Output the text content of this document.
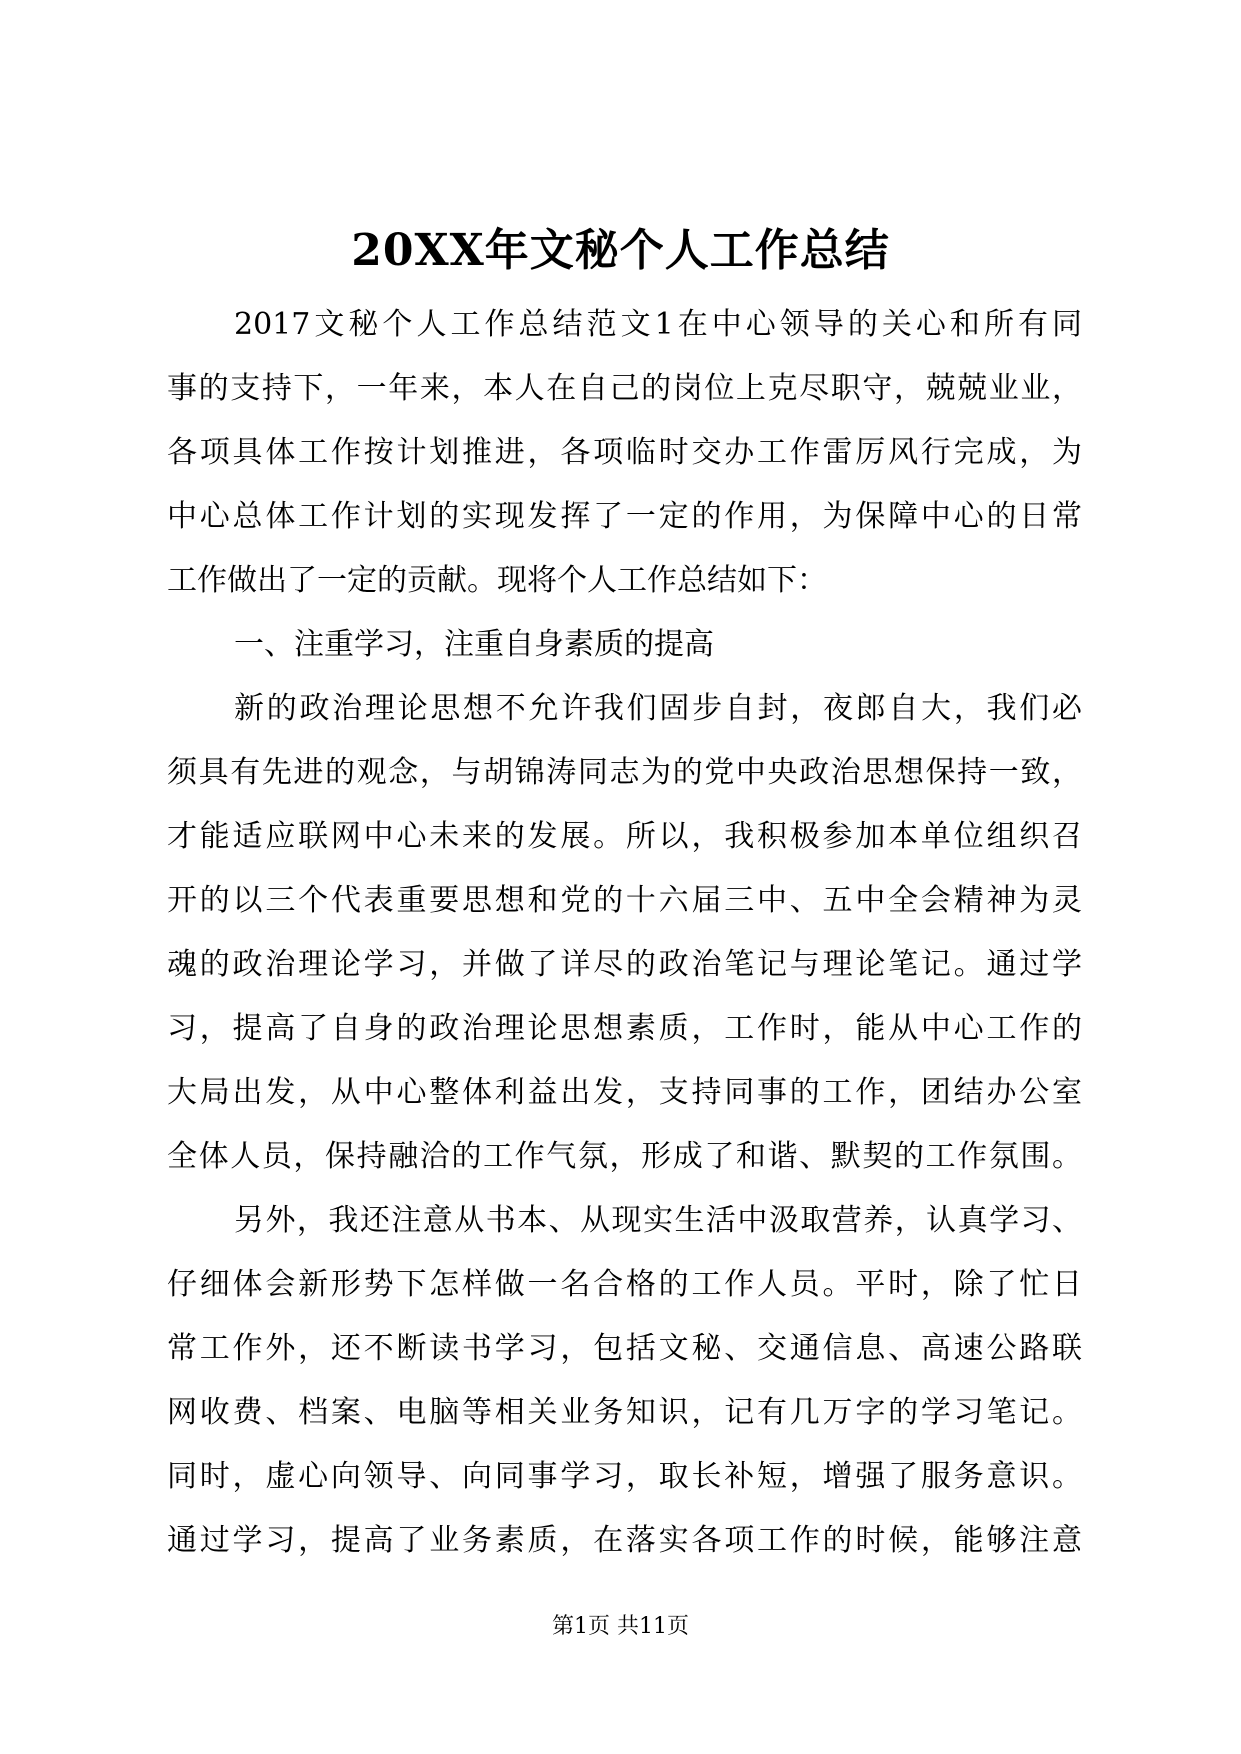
20XX年文秘个人工作总结
2017文秘个人工作总结范文1在中心领导的关心和所有同
事的支持下，一年来，本人在自己的岗位上克尽职守，兢兢业业，
各项具体工作按计划推进，各项临时交办工作雷厉风行完成，为
中心总体工作计划的实现发挥了一定的作用，为保障中心的日常
工作做出了一定的贡献。现将个人工作总结如下：
一、注重学习，注重自身素质的提高
新的政治理论思想不允许我们固步自封，夜郎自大，我们必
须具有先进的观念，与胡锦涛同志为的党中央政治思想保持一致，
才能适应联网中心未来的发展。所以，我积极参加本单位组织召
开的以三个代表重要思想和党的十六届三中、五中全会精神为灵
魂的政治理论学习，并做了详尽的政治笔记与理论笔记。通过学
习，提高了自身的政治理论思想素质，工作时，能从中心工作的
大局出发，从中心整体利益出发，支持同事的工作，团结办公室
全体人员，保持融洽的工作气氛，形成了和谐、默契的工作氛围。
另外，我还注意从书本、从现实生活中汲取营养，认真学习、
仔细体会新形势下怎样做一名合格的工作人员。平时，除了忙日
常工作外，还不断读书学习，包括文秘、交通信息、高速公路联
网收费、档案、电脑等相关业务知识，记有几万字的学习笔记。
同时，虚心向领导、向同事学习，取长补短，增强了服务意识。
通过学习，提高了业务素质，在落实各项工作的时候，能够注意
第1页 共11页
